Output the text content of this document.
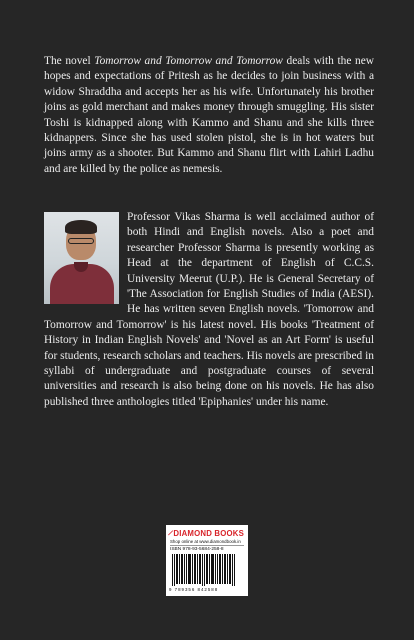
The novel Tomorrow and Tomorrow and Tomorrow deals with the new hopes and expectations of Pritesh as he decides to join business with a widow Shraddha and accepts her as his wife. Unfortunately his brother joins as gold merchant and makes money through smuggling. His sister Toshi is kidnapped along with Kammo and Shanu and she kills three kidnappers. Since she has used stolen pistol, she is in hot waters but joins army as a shooter. But Kammo and Shanu flirt with Lahiri Ladhu and are killed by the police as nemesis.

Professor Vikas Sharma is well acclaimed author of both Hindi and English novels. Also a poet and researcher Professor Sharma is presently working as Head at the department of English of C.C.S. University Meerut (U.P.). He is General Secretary of 'The Association for English Studies of India (AESI). He has written seven English novels. 'Tomorrow and Tomorrow and Tomorrow' is his latest novel. His books 'Treatment of History in Indian English Novels' and 'Novel as an Art Form' is useful for students, research scholars and teachers. His novels are prescribed in syllabi of undergraduate and postgraduate courses of several universities and research is also being done on his novels. He has also published three anthologies titled 'Epiphanies' under his name.
DIAMOND BOOKS
Shop online at www.diamondbook.in
ISBN 978-93-5684-258-8
9 789356 842588
